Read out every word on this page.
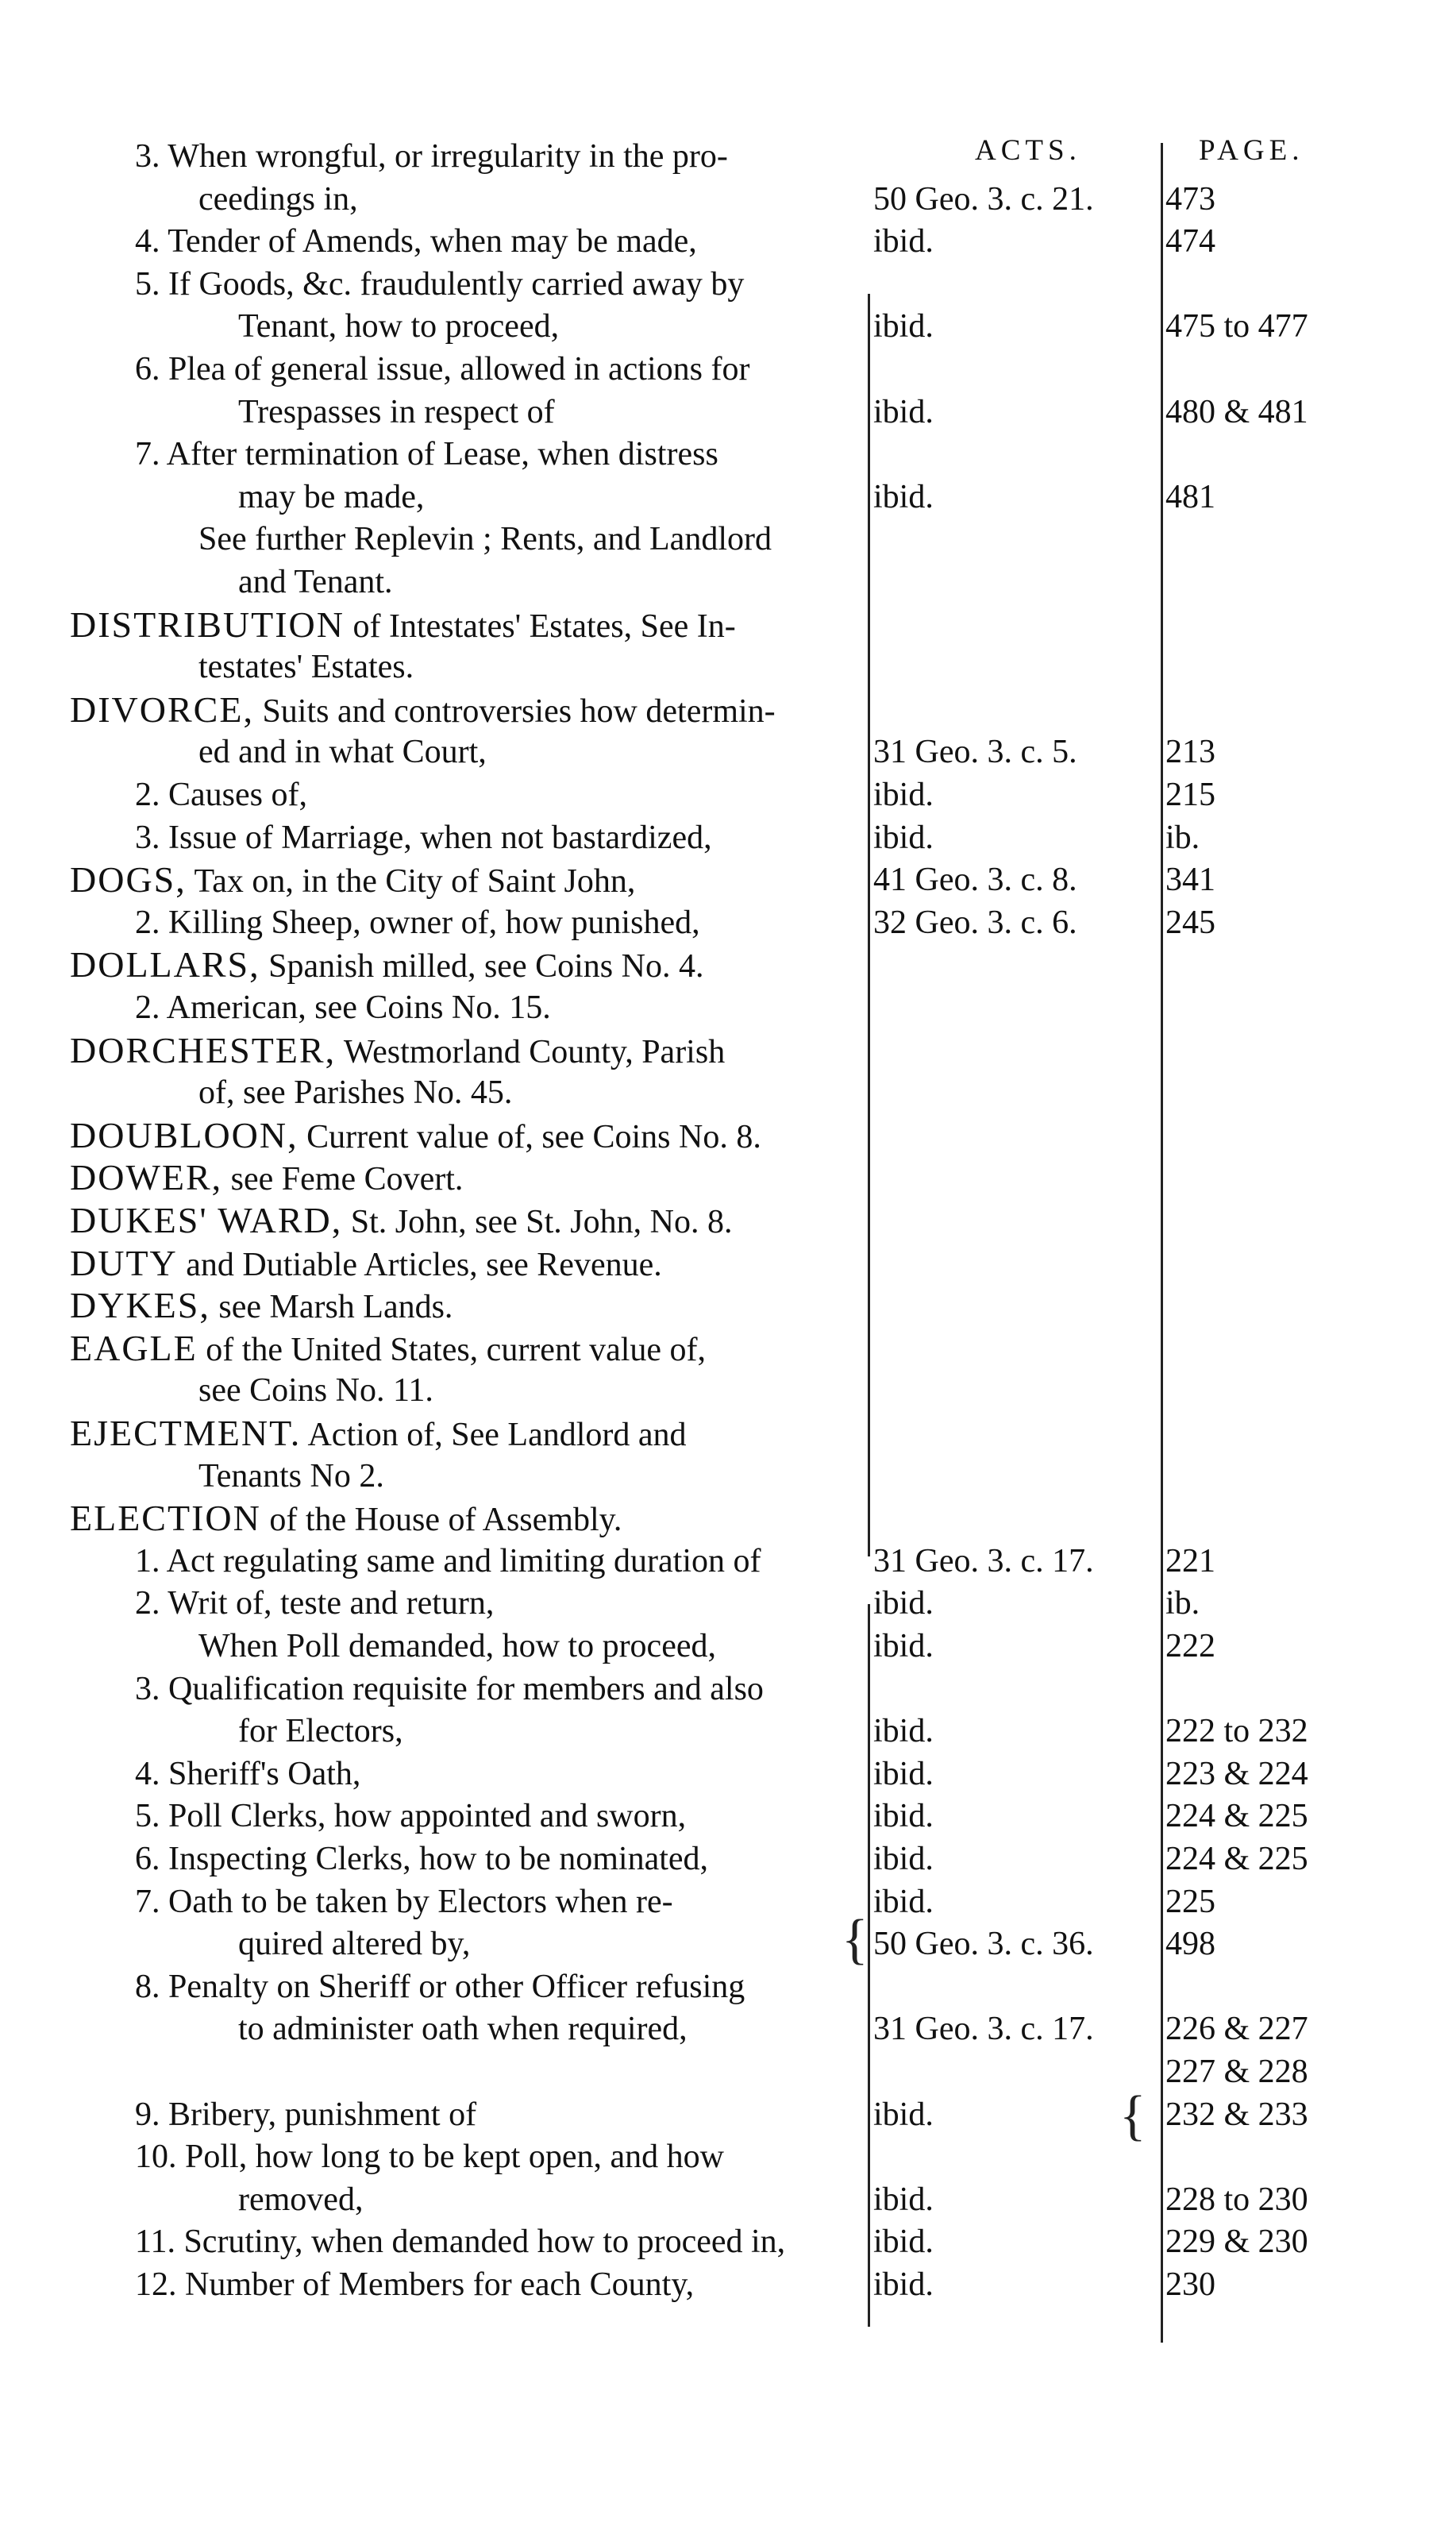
ACTS.	PAGE.
{
{
3. When wrongful, or irregularity in the pro-
ceedings in,	50 Geo. 3. c. 21. 473
4. Tender of Amends, when may be made,	ibid.	474
5. If Goods, &c. fraudulently carried away by
Tenant, how to proceed,	ibid.	475 to 477
6. Plea of general issue, allowed in actions for
Trespasses in respect of	ibid.	480 & 481
7. After termination of Lease, when distress
may be made,	ibid.	481
See further Replevin ; Rents, and Landlord
and Tenant.
DISTRIBUTION of Intestates' Estates, See In-
testates' Estates.
DIVORCE, Suits and controversies how determin-
ed and in what Court,	31 Geo. 3. c. 5.	213
2. Causes of,	ibid.	215
3. Issue of Marriage, when not bastardized,	ibid.	ib.
DOGS, Tax on, in the City of Saint John,	41 Geo. 3. c. 8.	341
2. Killing Sheep, owner of, how punished,	32 Geo. 3. c. 6.	245
DOLLARS, Spanish milled, see Coins No. 4.
2. American, see Coins No. 15.
DORCHESTER, Westmorland County, Parish
of, see Parishes No. 45.
DOUBLOON, Current value of, see Coins No. 8.
DOWER, see Feme Covert.
DUKES' WARD, St. John, see St. John, No. 8.
DUTY and Dutiable Articles, see Revenue.
DYKES, see Marsh Lands.
EAGLE of the United States, current value of,
see Coins No. 11.
EJECTMENT. Action of, See Landlord and
Tenants No 2.
ELECTION of the House of Assembly.
1. Act regulating same and limiting duration of	31 Geo. 3. c. 17. 221
2. Writ of, teste and return,	ibid.	ib.
When Poll demanded, how to proceed,	ibid.	222
3. Qualification requisite for members and also
for Electors,	ibid.	222 to 232
4. Sheriff's Oath,	ibid.	223 & 224
5. Poll Clerks, how appointed and sworn,	ibid.	224 & 225
6. Inspecting Clerks, how to be nominated,	ibid.	224 & 225
7. Oath to be taken by Electors when re-	ibid.	225
quired altered by,	50 Geo. 3. c. 36. 498
8. Penalty on Sheriff or other Officer refusing
to administer oath when required,	31 Geo. 3. c. 17. 226 & 227
227 & 228
9. Bribery, punishment of	ibid.	232 & 233
10. Poll, how long to be kept open, and how
removed,	ibid.	228 to 230
11. Scrutiny, when demanded how to proceed in,	ibid.	229 & 230
12. Number of Members for each County,	ibid.	230
